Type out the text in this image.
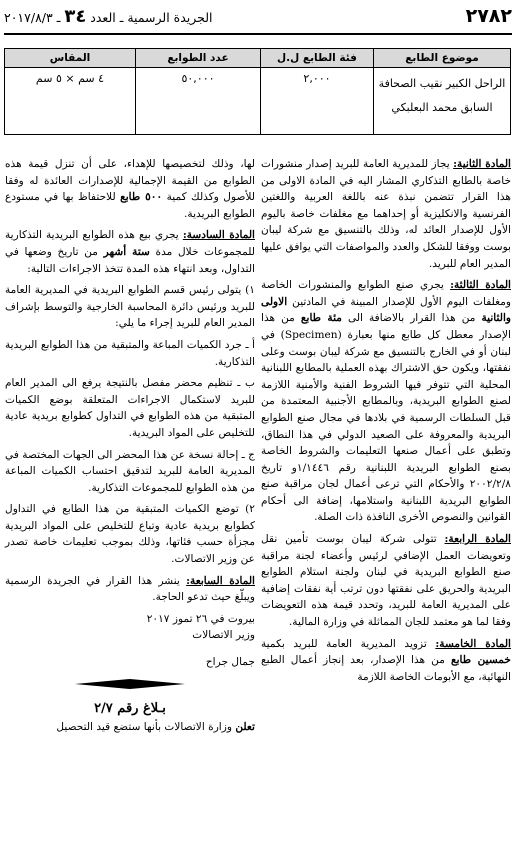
٢٧٨٢
الجريدة الرسمية ـ العدد ٣٤ ـ ٢٠١٧/٨/٣
موضوع الطابع	فئة الطابع ل.ل	عدد الطوابع	المقاس

الراحل الكبير نقيب الصحافة
السابق محمد البعلبكي	٢,٠٠٠	٥٠,٠٠٠	٤ سم × ٥ سم

المادة الثانية: يجاز للمديرية العامة للبريد إصدار منشورات خاصة بالطابع التذكاري المشار اليه في المادة الاولى من هذا القرار تتضمن نبذة عنه باللغة العربية واللغتين الفرنسية والانكليزية أو إحداهما مع مغلفات خاصة باليوم الأول للإصدار العائد له، وذلك بالتنسيق مع شركة ليبان بوست ووفقا للشكل والعدد والمواصفات التي يوافق عليها المدير العام للبريد.

المادة الثالثة: يجري صنع الطوابع والمنشورات الخاصة ومغلفات اليوم الأول للإصدار المبينة في المادتين الاولى والثانية من هذا القرار بالاضافة الى مئة طابع من هذا الإصدار معطل كل طابع منها بعبارة (Specimen) في لبنان أو في الخارج بالتنسيق مع شركة ليبان بوست وعلى نفقتها، ويكون حق الاشتراك بهذه العملية بالمطابع اللبنانية المحلية التي تتوفر فيها الشروط الفنية والأمنية اللازمة لصنع الطوابع البريدية، وبالمطابع الأجنبية المعتمدة من قبل السلطات الرسمية في بلادها في مجال صنع الطوابع البريدية والمعروفة على الصعيد الدولي في هذا النطاق، وتطبق على أعمال صنعها التعليمات والشروط الخاصة بصنع الطوابع البريدية اللبنانية رقم ١/١٤٤٦و تاريخ ٢٠٠٢/٢/٨ والأحكام التي ترعى أعمال لجان مراقبة صنع الطوابع البريدية اللبنانية واستلامها، إضافة الى أحكام القوانين والنصوص الأخرى النافذة ذات الصلة.

المادة الرابعة: تتولى شركة ليبان بوست تأمين نقل وتعويضات العمل الإضافي لرئيس وأعضاء لجنة مراقبة صنع الطوابع البريدية في لبنان ولجنة استلام الطوابع البريدية والحريق على نفقتها دون ترتب أية نفقات إضافية على المديرية العامة للبريد، وتحدد قيمة هذه التعويضات وفقا لما هو معتمد للجان المماثلة في وزارة المالية.

المادة الخامسة: تزويد المديرية العامة للبريد بكمية خمسين طابع من هذا الإصدار، بعد إنجاز أعمال الطبع النهائية، مع الأبومات الخاصة اللازمة

لها، وذلك لتخصيصها للإهداء، على أن تنزل قيمة هذه الطوابع من القيمة الإجمالية للإصدارات العائدة له وفقا للأصول وكذلك كمية ٥٠٠ طابع للاحتفاظ بها في مستودع الطوابع البريدية.

المادة السادسة: يجري بيع هذه الطوابع البريدية التذكارية للمجموعات خلال مدة ستة أشهر من تاريخ وضعها في التداول، وبعد انتهاء هذه المدة تتخذ الاجراءات التالية:

١) يتولى رئيس قسم الطوابع البريدية في المديرية العامة للبريد ورئيس دائرة المحاسبة الخارجية والتوسط بإشراف المدير العام للبريد إجراء ما يلي:

أ ـ جرد الكميات المباعة والمتبقية من هذا الطوابع البريدية التذكارية.

ب ـ تنظيم محضر مفصل بالنتيجة يرفع الى المدير العام للبريد لاستكمال الاجراءات المتعلقة بوضع الكميات المتبقية من هذه الطوابع في التداول كطوابع بريدية عادية للتخليص على المواد البريدية.

ج ـ إحالة نسخة عن هذا المحضر الى الجهات المختصة في المديرية العامة للبريد لتدقيق احتساب الكميات المباعة من هذه الطوابع للمجموعات التذكارية.

٢) توضع الكميات المتبقية من هذا الطابع في التداول كطوابع بريدية عادية وتباع للتخليص على المواد البريدية مجزأة حسب فئاتها، وذلك بموجب تعليمات خاصة تصدر عن وزير الاتصالات.

المادة السابعة: ينشر هذا القرار في الجريدة الرسمية ويبلّغ حيث تدعو الحاجة.

بيروت في ٢٦ تموز ٢٠١٧

وزير الاتصالات

جمال جراح

بـلاغ رقم ٢/٧

تعلن وزارة الاتصالات بأنها ستضع قيد التحصيل
